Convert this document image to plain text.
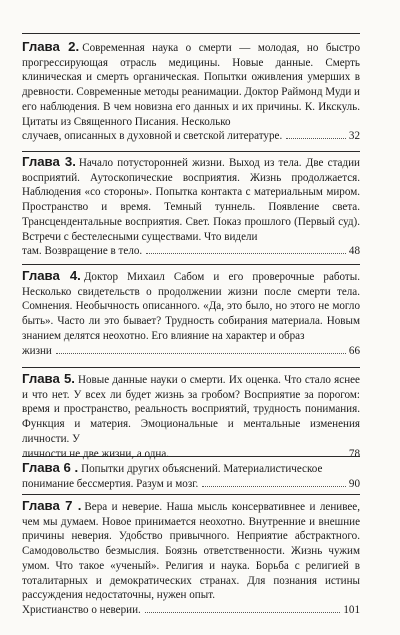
Глава 2. Современная наука о смерти — молодая, но быстро прогрессирующая отрасль медицины. Новые данные. Смерть клиническая и смерть органическая. Попытки оживления умерших в древности. Современные методы реанимации. Доктор Раймонд Муди и его наблюдения. В чем новизна его данных и их причины. К. Икскуль. Цитаты из Священного Писания. Несколько

случаев, описанных в духовной и светской литературе.	32

Глава 3. Начало потусторонней жизни. Выход из тела. Две стадии восприятий. Аутоскопические восприятия. Жизнь продолжается. Наблюдения «со стороны». Попытка контакта с материальным миром. Пространство и время. Темный туннель. Появление света. Трансцендентальные восприятия. Свет. Показ прошлого (Первый суд). Встречи с бестелесными существами. Что видели

там. Возвращение в тело.	48

Глава 4. Доктор Михаил Сабом и его проверочные работы. Несколько свидетельств о продолжении жизни после смерти тела. Сомнения. Необычность описанного. «Да, это было, но этого не могло быть». Часто ли это бывает? Трудность собирания материала. Новым знанием делятся неохотно. Его влияние на характер и образ

жизни	66

Глава 5. Новые данные науки о смерти. Их оценка. Что стало яснее и что нет. У всех ли будет жизнь за гробом? Восприятие за порогом: время и пространство, реальность восприятий, трудность понимания. Функция и материя. Эмоциональные и ментальные изменения личности. У

личности не две жизни, а одна.	78

Глава 6 . Попытки других объяснений. Материалистическое

понимание бессмертия. Разум и мозг.	90

Глава 7 . Вера и неверие. Наша мысль консервативнее и ленивее, чем мы думаем. Новое принимается неохотно. Внутренние и внешние причины неверия. Удобство привычного. Неприятие абстрактного. Самодовольство безмыслия. Боязнь ответственности. Жизнь чужим умом. Что такое «ученый». Религия и наука. Борьба с религией в тоталитарных и демократических странах. Для познания истины рассуждения недостаточны, нужен опыт.

Христианство о неверии.	101
